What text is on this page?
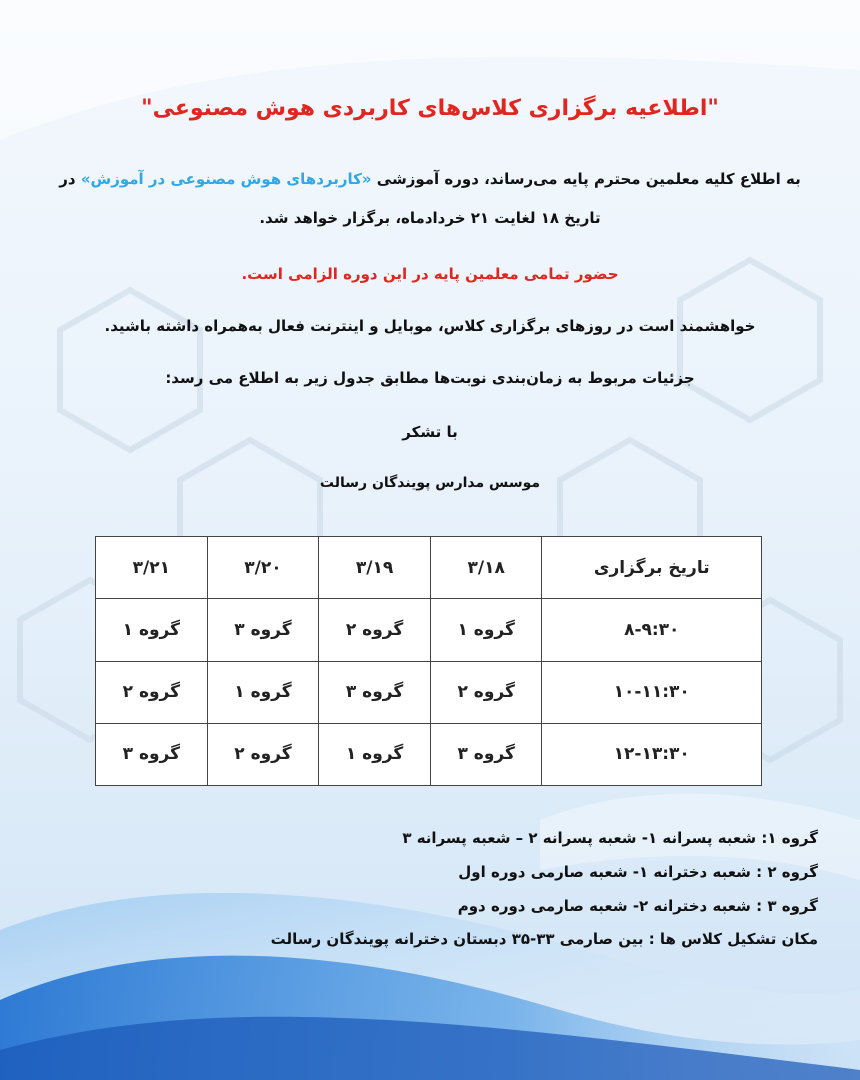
"اطلاعیه برگزاری کلاس‌های کاربردی هوش مصنوعی"
به اطلاع کلیه معلمین محترم پایه می‌رساند، دوره آموزشی «کاربردهای هوش مصنوعی در آموزش» در تاریخ ۱۸ لغایت ۲۱ خردادماه، برگزار خواهد شد.
حضور تمامی معلمین پایه در این دوره الزامی است.
خواهشمند است در روزهای برگزاری کلاس، موبایل و اینترنت فعال به‌همراه داشته باشید.
جزئیات مربوط به زمان‌بندی نوبت‌ها مطابق جدول زیر به اطلاع می رسد:
با تشکر
موسس مدارس پویندگان رسالت
تاریخ برگزاری	۳/۱۸	۳/۱۹	۳/۲۰	۳/۲۱
۸-۹:۳۰	گروه ۱	گروه ۲	گروه ۳	گروه ۱
۱۰-۱۱:۳۰	گروه ۲	گروه ۳	گروه ۱	گروه ۲
۱۲-۱۳:۳۰	گروه ۳	گروه ۱	گروه ۲	گروه ۳
گروه ۱: شعبه پسرانه ۱- شعبه پسرانه ۲ – شعبه پسرانه ۳
گروه ۲ : شعبه دخترانه ۱- شعبه صارمی دوره اول
گروه ۳ : شعبه دخترانه ۲- شعبه صارمی دوره دوم
مکان تشکیل کلاس ها : بین صارمی ۳۳-۳۵ دبستان دخترانه پویندگان رسالت
